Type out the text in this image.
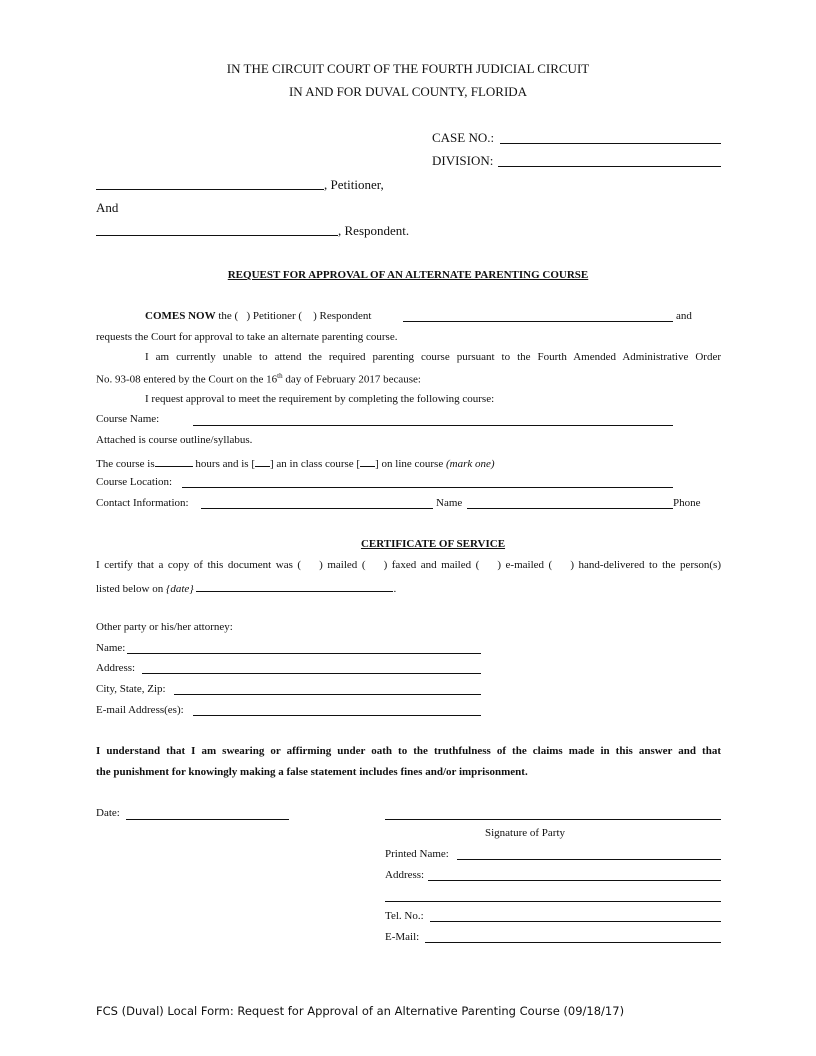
IN THE CIRCUIT COURT OF THE FOURTH JUDICIAL CIRCUIT
IN AND FOR DUVAL COUNTY, FLORIDA
CASE NO.:
DIVISION:
, Petitioner,
And
, Respondent.
REQUEST FOR APPROVAL OF AN ALTERNATE PARENTING COURSE
COMES NOW the ( ) Petitioner ( ) Respondent	and
requests the Court for approval to take an alternate parenting course.
I am currently unable to attend the required parenting course pursuant to the Fourth Amended Administrative Order
No. 93-08 entered by the Court on the 16th day of February 2017 because:
I request approval to meet the requirement by completing the following course:
Course Name:
Attached is course outline/syllabus.
The course is	hours and is [ ] an in class course [ ] on line course (mark one)
Course Location:
Contact Information:	Name	Phone
CERTIFICATE OF SERVICE
I certify that a copy of this document was (    ) mailed (    ) faxed and mailed (    ) e-mailed (    ) hand-delivered to the person(s)
listed below on {date}	.
Other party or his/her attorney:
Name:
Address:
City, State, Zip:
E-mail Address(es):
I understand that I am swearing or affirming under oath to the truthfulness of the claims made in this answer and that
the punishment for knowingly making a false statement includes fines and/or imprisonment.
Date:
Signature of Party
Printed Name:
Address:
Tel. No.:
E-Mail:
FCS (Duval) Local Form: Request for Approval of an Alternative Parenting Course (09/18/17)
